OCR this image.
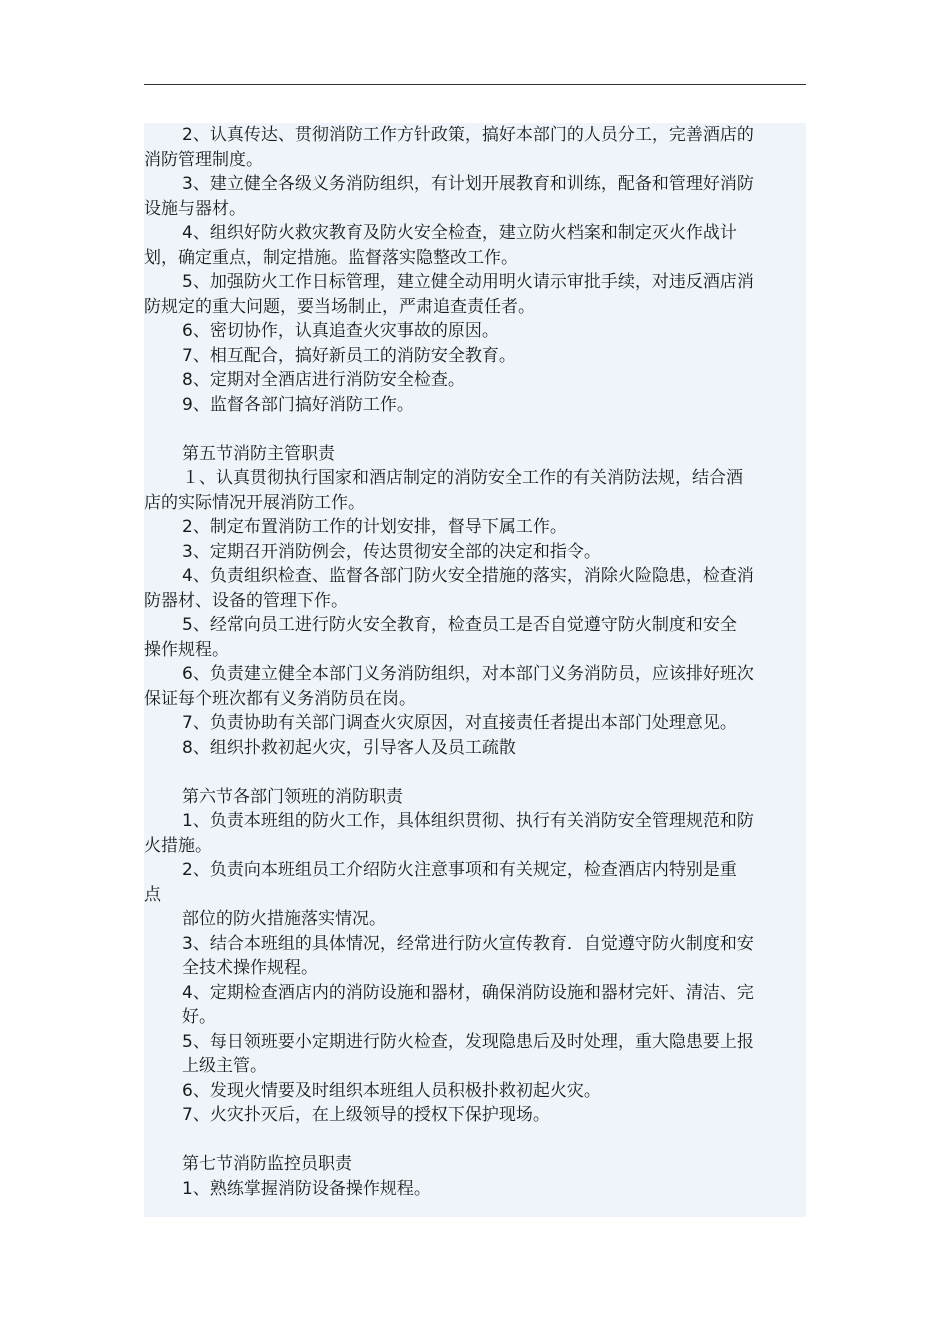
2、认真传达、贯彻消防工作方针政策，搞好本部门的人员分工，完善酒店的
消防管理制度。
3、建立健全各级义务消防组织，有计划开展教育和训练，配备和管理好消防
设施与器材。
4、组织好防火救灾教育及防火安全检查，建立防火档案和制定灭火作战计
划，确定重点，制定措施。监督落实隐整改工作。
5、加强防火工作日标管理，建立健全动用明火请示审批手续，对违反酒店消
防规定的重大问题，要当场制止，严肃追查责任者。
6、密切协作，认真追查火灾事故的原因。
7、相互配合，搞好新员工的消防安全教育。
8、定期对全酒店进行消防安全检查。
9、监督各部门搞好消防工作。
第五节消防主管职责
１、认真贯彻执行国家和酒店制定的消防安全工作的有关消防法规，结合酒
店的实际情况开展消防工作。
2、制定布置消防工作的计划安排，督导下属工作。
3、定期召开消防例会，传达贯彻安全部的决定和指令。
4、负责组织检查、监督各部门防火安全措施的落实，消除火险隐患，检查消
防器材、设备的管理下作。
5、经常向员工进行防火安全教育，检查员工是否自觉遵守防火制度和安全
操作规程。
6、负责建立健全本部门义务消防组织，对本部门义务消防员，应该排好班次
保证每个班次都有义务消防员在岗。
7、负责协助有关部门调查火灾原因，对直接责任者提出本部门处理意见。
8、组织扑救初起火灾，引导客人及员工疏散
第六节各部门领班的消防职责
1、负责本班组的防火工作，具体组织贯彻、执行有关消防安全管理规范和防
火措施。
2、负责向本班组员工介绍防火注意事项和有关规定，检查酒店内特别是重
点
部位的防火措施落实情况。
3、结合本班组的具体情况，经常进行防火宣传教育．自觉遵守防火制度和安
全技术操作规程。
4、定期检查酒店内的消防设施和器材，确保消防设施和器材完奸、清洁、完
好。
5、每日领班要小定期进行防火检查，发现隐患后及时处理，重大隐患要上报
上级主管。
6、发现火情要及时组织本班组人员积极扑救初起火灾。
7、火灾扑灭后，在上级领导的授权下保护现场。
第七节消防监控员职责
1、熟练掌握消防设备操作规程。
